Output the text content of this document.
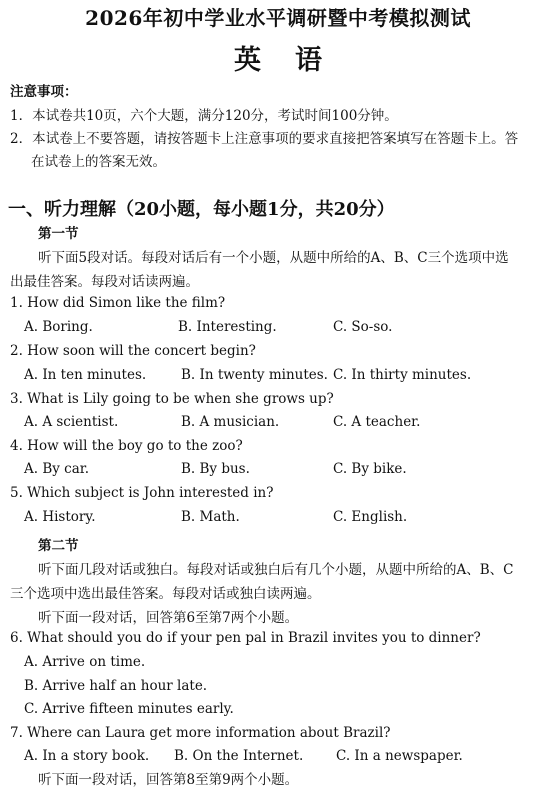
2026年初中学业水平调研暨中考模拟测试
英语
注意事项：
1．本试卷共10页，六个大题，满分120分，考试时间100分钟。
2．本试卷上不要答题，请按答题卡上注意事项的要求直接把答案填写在答题卡上。答
在试卷上的答案无效。
一、听力理解（20小题，每小题1分，共20分）
第一节
听下面5段对话。每段对话后有一个小题，从题中所给的A、B、C三个选项中选
出最佳答案。每段对话读两遍。
1. How did Simon like the film?
A. Boring.	B. Interesting.	C. So-so.
2. How soon will the concert begin?
A. In ten minutes.	B. In twenty minutes. C. In thirty minutes.
3. What is Lily going to be when she grows up?
A. A scientist.	B. A musician.	C. A teacher.
4. How will the boy go to the zoo?
A. By car.	B. By bus.	C. By bike.
5. Which subject is John interested in?
A. History.	B. Math.	C. English.
第二节
听下面几段对话或独白。每段对话或独白后有几个小题，从题中所给的A、B、C
三个选项中选出最佳答案。每段对话或独白读两遍。
听下面一段对话，回答第6至第7两个小题。
6. What should you do if your pen pal in Brazil invites you to dinner?
A. Arrive on time.
B. Arrive half an hour late.
C. Arrive fifteen minutes early.
7. Where can Laura get more information about Brazil?
A. In a story book. B. On the Internet. C. In a newspaper.
听下面一段对话，回答第8至第9两个小题。
